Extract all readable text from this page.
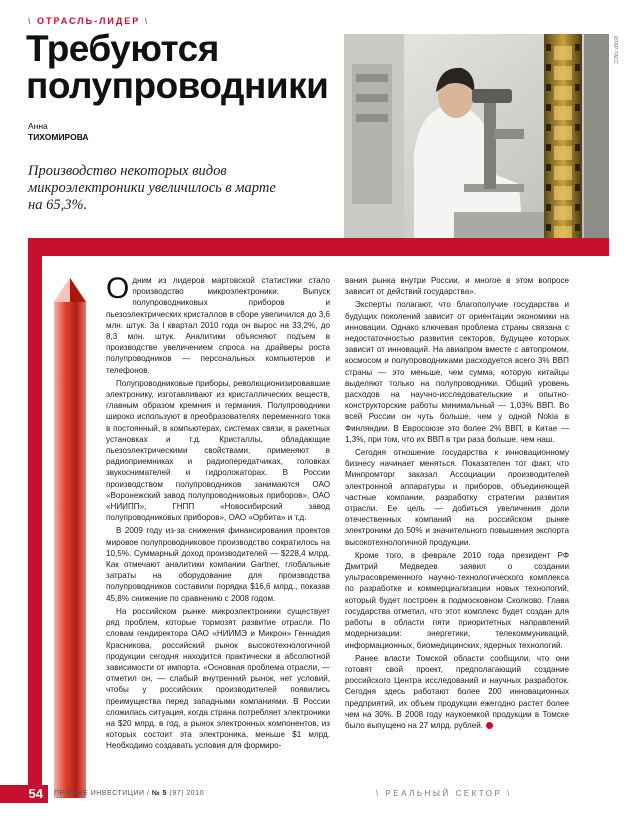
\ ОТРАСЛЬ-ЛИДЕР \
Требуются
полупроводники
Анна
ТИХОМИРОВА

Производство некоторых видов микроэлектроники увеличилось в марте на 65,3%.

ИТАР-ТАСС

Одним из лидеров мартовской статистики стало производство микроэлектроники. Выпуск полупроводниковых приборов и пьезоэлектрических кристаллов в сборе увеличился до 3,6 млн. штук. За I квартал 2010 года он вырос на 33,2%, до 8,3 млн. штук. Аналитики объясняют подъем в производстве увеличением спроса на драйверы роста полупроводников — персональных компьютеров и телефонов.

Полупроводниковые приборы, революционизировавшие электронику, изготавливают из кристаллических веществ, главным образом кремния и германия. Полупроводники широко используют в преобразователях переменного тока в постоянный, в компьютерах, системах связи, в ракетных установках и т.д. Кристаллы, обладающие пьезоэлектрическими свойствами, применяют в радиоприемниках и радиопередатчиках, головках звукоснимателей и гидролокаторах. В России производством полупроводников занимаются ОАО «Воронежский завод полупроводниковых приборов», ОАО «НИИПП», ГНПП «Новосибирский завод полупроводниковых приборов», ОАО «Орбита» и т.д.

В 2009 году из-за снижения финансирования проектов мировое полупроводниковое производство сократилось на 10,5%. Суммарный доход производителей — $228,4 млрд. Как отмечают аналитики компании Gartner, глобальные затраты на оборудование для производства полупроводников составили порядка $16,6 млрд., показав 45,8% снижение по сравнению с 2008 годом.

На российском рынке микроэлектроники существует ряд проблем, которые тормозят развитие отрасли. По словам гендиректора ОАО «НИИМЭ и Микрон» Геннадия Красникова, российский рынок высокотехнологичной продукции сегодня находится практически в абсолютной зависимости от импорта. «Основная проблема отрасли, — отметил он, — слабый внутренний рынок, нет условий, чтобы у российских производителей появились преимущества перед западными компаниями. В России сложилась ситуация, когда страна потребляет электроники на $20 млрд. в год, а рынок электронных компонентов, из которых состоит эта электроника, меньше $1 млрд. Необходимо создавать условия для формиро-

вания рынка внутри России, и многое в этом вопросе зависит от действий государства».

Эксперты полагают, что благополучие государства и будущих поколений зависит от ориентации экономики на инновации. Однако ключевая проблема страны связана с недостаточностью развития секторов, будущее которых зависит от инноваций. На авиапром вместе с автопромом, космосом и полупроводниками расходуется всего 3% ВВП страны — это меньше, чем сумма, которую китайцы выделяют только на полупроводники. Общий уровень расходов на научно-исследовательские и опытно-конструкторские работы минимальный — 1,03% ВВП. Во всей России он чуть больше, чем у одной Nokia в Финляндии. В Евросоюзе это более 2% ВВП, в Китае — 1,3%, при том, что их ВВП в три раза больше, чем наш.

Сегодня отношение государства к инновационному бизнесу начинает меняться. Показателен тот факт, что Минпромторг заказал Ассоциации производителей электронной аппаратуры и приборов, объединяющей частные компании, разработку стратегии развития отрасли. Ее цель — добиться увеличения доли отечественных компаний на российском рынке электроники до 50% и значительного повышения экспорта высокотехнологичной продукции.

Кроме того, в феврале 2010 года президент РФ Дмитрий Медведев заявил о создании ультрасовременного научно-технологического комплекса по разработке и коммерциализации новых технологий, который будет построен в подмосковном Сколково. Глава государства отметил, что этот комплекс будет создан для работы в области пяти приоритетных направлений модернизации: энергетики, телекоммуникаций, информационных, биомедицинских, ядерных технологий.

Ранее власти Томской области сообщили, что они готовят свой проект, предполагающий создание российского Центра исследований и научных разработок. Сегодня здесь работают более 200 инновационных предприятий, их объем продукции ежегодно растет более чем на 30%. В 2008 году наукоемкой продукции в Томске было выпущено на 27 млрд. рублей.

54 ПРЯМЫЕ ИНВЕСТИЦИИ / № 5 (97) 2010	\ РЕАЛЬНЫЙ СЕКТОР \
